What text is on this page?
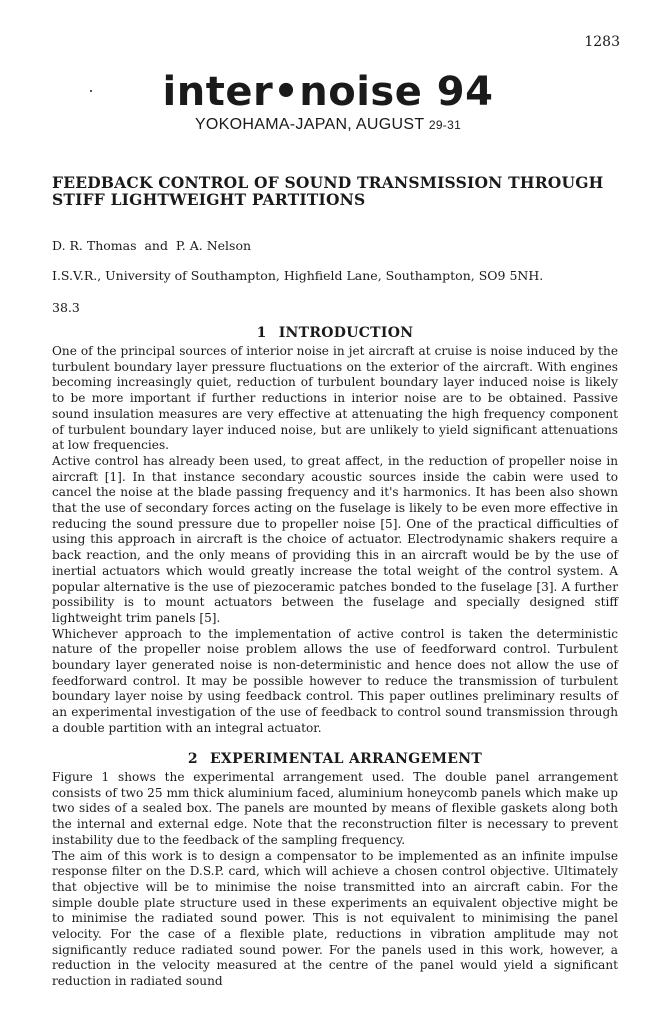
1283
inter•noise 94
YOKOHAMA-JAPAN, AUGUST 29-31
FEEDBACK CONTROL OF SOUND TRANSMISSION THROUGH STIFF LIGHTWEIGHT PARTITIONS
D. R. Thomas  and  P. A. Nelson
I.S.V.R., University of Southampton, Highfield Lane, Southampton, SO9 5NH.
38.3
1 INTRODUCTION

One of the principal sources of interior noise in jet aircraft at cruise is noise induced by the turbulent boundary layer pressure fluctuations on the exterior of the aircraft. With engines becoming increasingly quiet, reduction of turbulent boundary layer induced noise is likely to be more important if further reductions in interior noise are to be obtained. Passive sound insulation measures are very effective at attenuating the high frequency component of turbulent boundary layer induced noise, but are unlikely to yield significant attenuations at low frequencies.

Active control has already been used, to great affect, in the reduction of propeller noise in aircraft [1]. In that instance secondary acoustic sources inside the cabin were used to cancel the noise at the blade passing frequency and it's harmonics. It has been also shown that the use of secondary forces acting on the fuselage is likely to be even more effective in reducing the sound pressure due to propeller noise [5]. One of the practical difficulties of using this approach in aircraft is the choice of actuator. Electrodynamic shakers require a back reaction, and the only means of providing this in an aircraft would be by the use of inertial actuators which would greatly increase the total weight of the control system. A popular alternative is the use of piezoceramic patches bonded to the fuselage [3]. A further possibility is to mount actuators between the fuselage and specially designed stiff lightweight trim panels [5].

Whichever approach to the implementation of active control is taken the deterministic nature of the propeller noise problem allows the use of feedforward control. Turbulent boundary layer generated noise is non-deterministic and hence does not allow the use of feedforward control. It may be possible however to reduce the transmission of turbulent boundary layer noise by using feedback control. This paper outlines preliminary results of an experimental investigation of the use of feedback to control sound transmission through a double partition with an integral actuator.

2 EXPERIMENTAL ARRANGEMENT

Figure 1 shows the experimental arrangement used. The double panel arrangement consists of two 25 mm thick aluminium faced, aluminium honeycomb panels which make up two sides of a sealed box. The panels are mounted by means of flexible gaskets along both the internal and external edge. Note that the reconstruction filter is necessary to prevent instability due to the feedback of the sampling frequency.

The aim of this work is to design a compensator to be implemented as an infinite impulse response filter on the D.S.P. card, which will achieve a chosen control objective. Ultimately that objective will be to minimise the noise transmitted into an aircraft cabin. For the simple double plate structure used in these experiments an equivalent objective might be to minimise the radiated sound power. This is not equivalent to minimising the panel velocity. For the case of a flexible plate, reductions in vibration amplitude may not significantly reduce radiated sound power. For the panels used in this work, however, a reduction in the velocity measured at the centre of the panel would yield a significant reduction in radiated sound
